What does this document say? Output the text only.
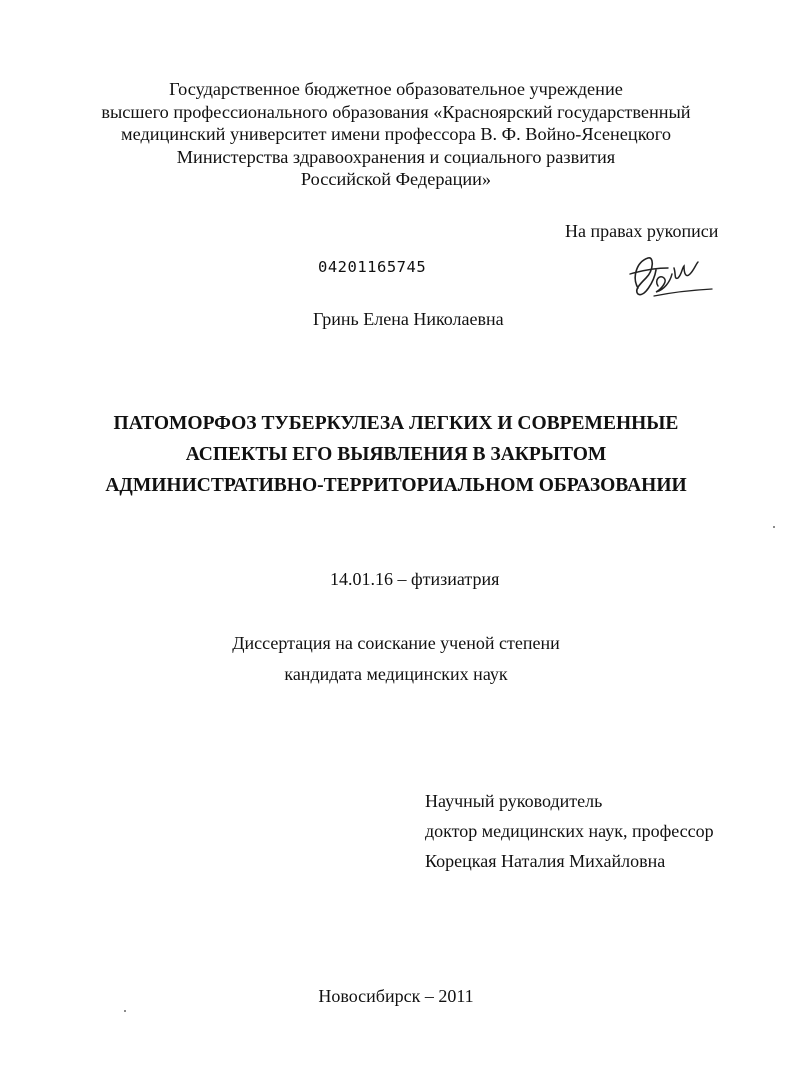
Государственное бюджетное образовательное учреждение
высшего профессионального образования «Красноярский государственный
медицинский университет имени профессора В. Ф. Войно-Ясенецкого
Министерства здравоохранения и социального развития
Российской Федерации»
На правах рукописи
04201165745
Гринь Елена Николаевна
ПАТОМОРФОЗ ТУБЕРКУЛЕЗА ЛЕГКИХ И СОВРЕМЕННЫЕ
АСПЕКТЫ ЕГО ВЫЯВЛЕНИЯ В ЗАКРЫТОМ
АДМИНИСТРАТИВНО-ТЕРРИТОРИАЛЬНОМ ОБРАЗОВАНИИ
14.01.16 – фтизиатрия
Диссертация на соискание ученой степени
кандидата медицинских наук
Научный руководитель
доктор медицинских наук, профессор
Корецкая Наталия Михайловна
Новосибирск – 2011
